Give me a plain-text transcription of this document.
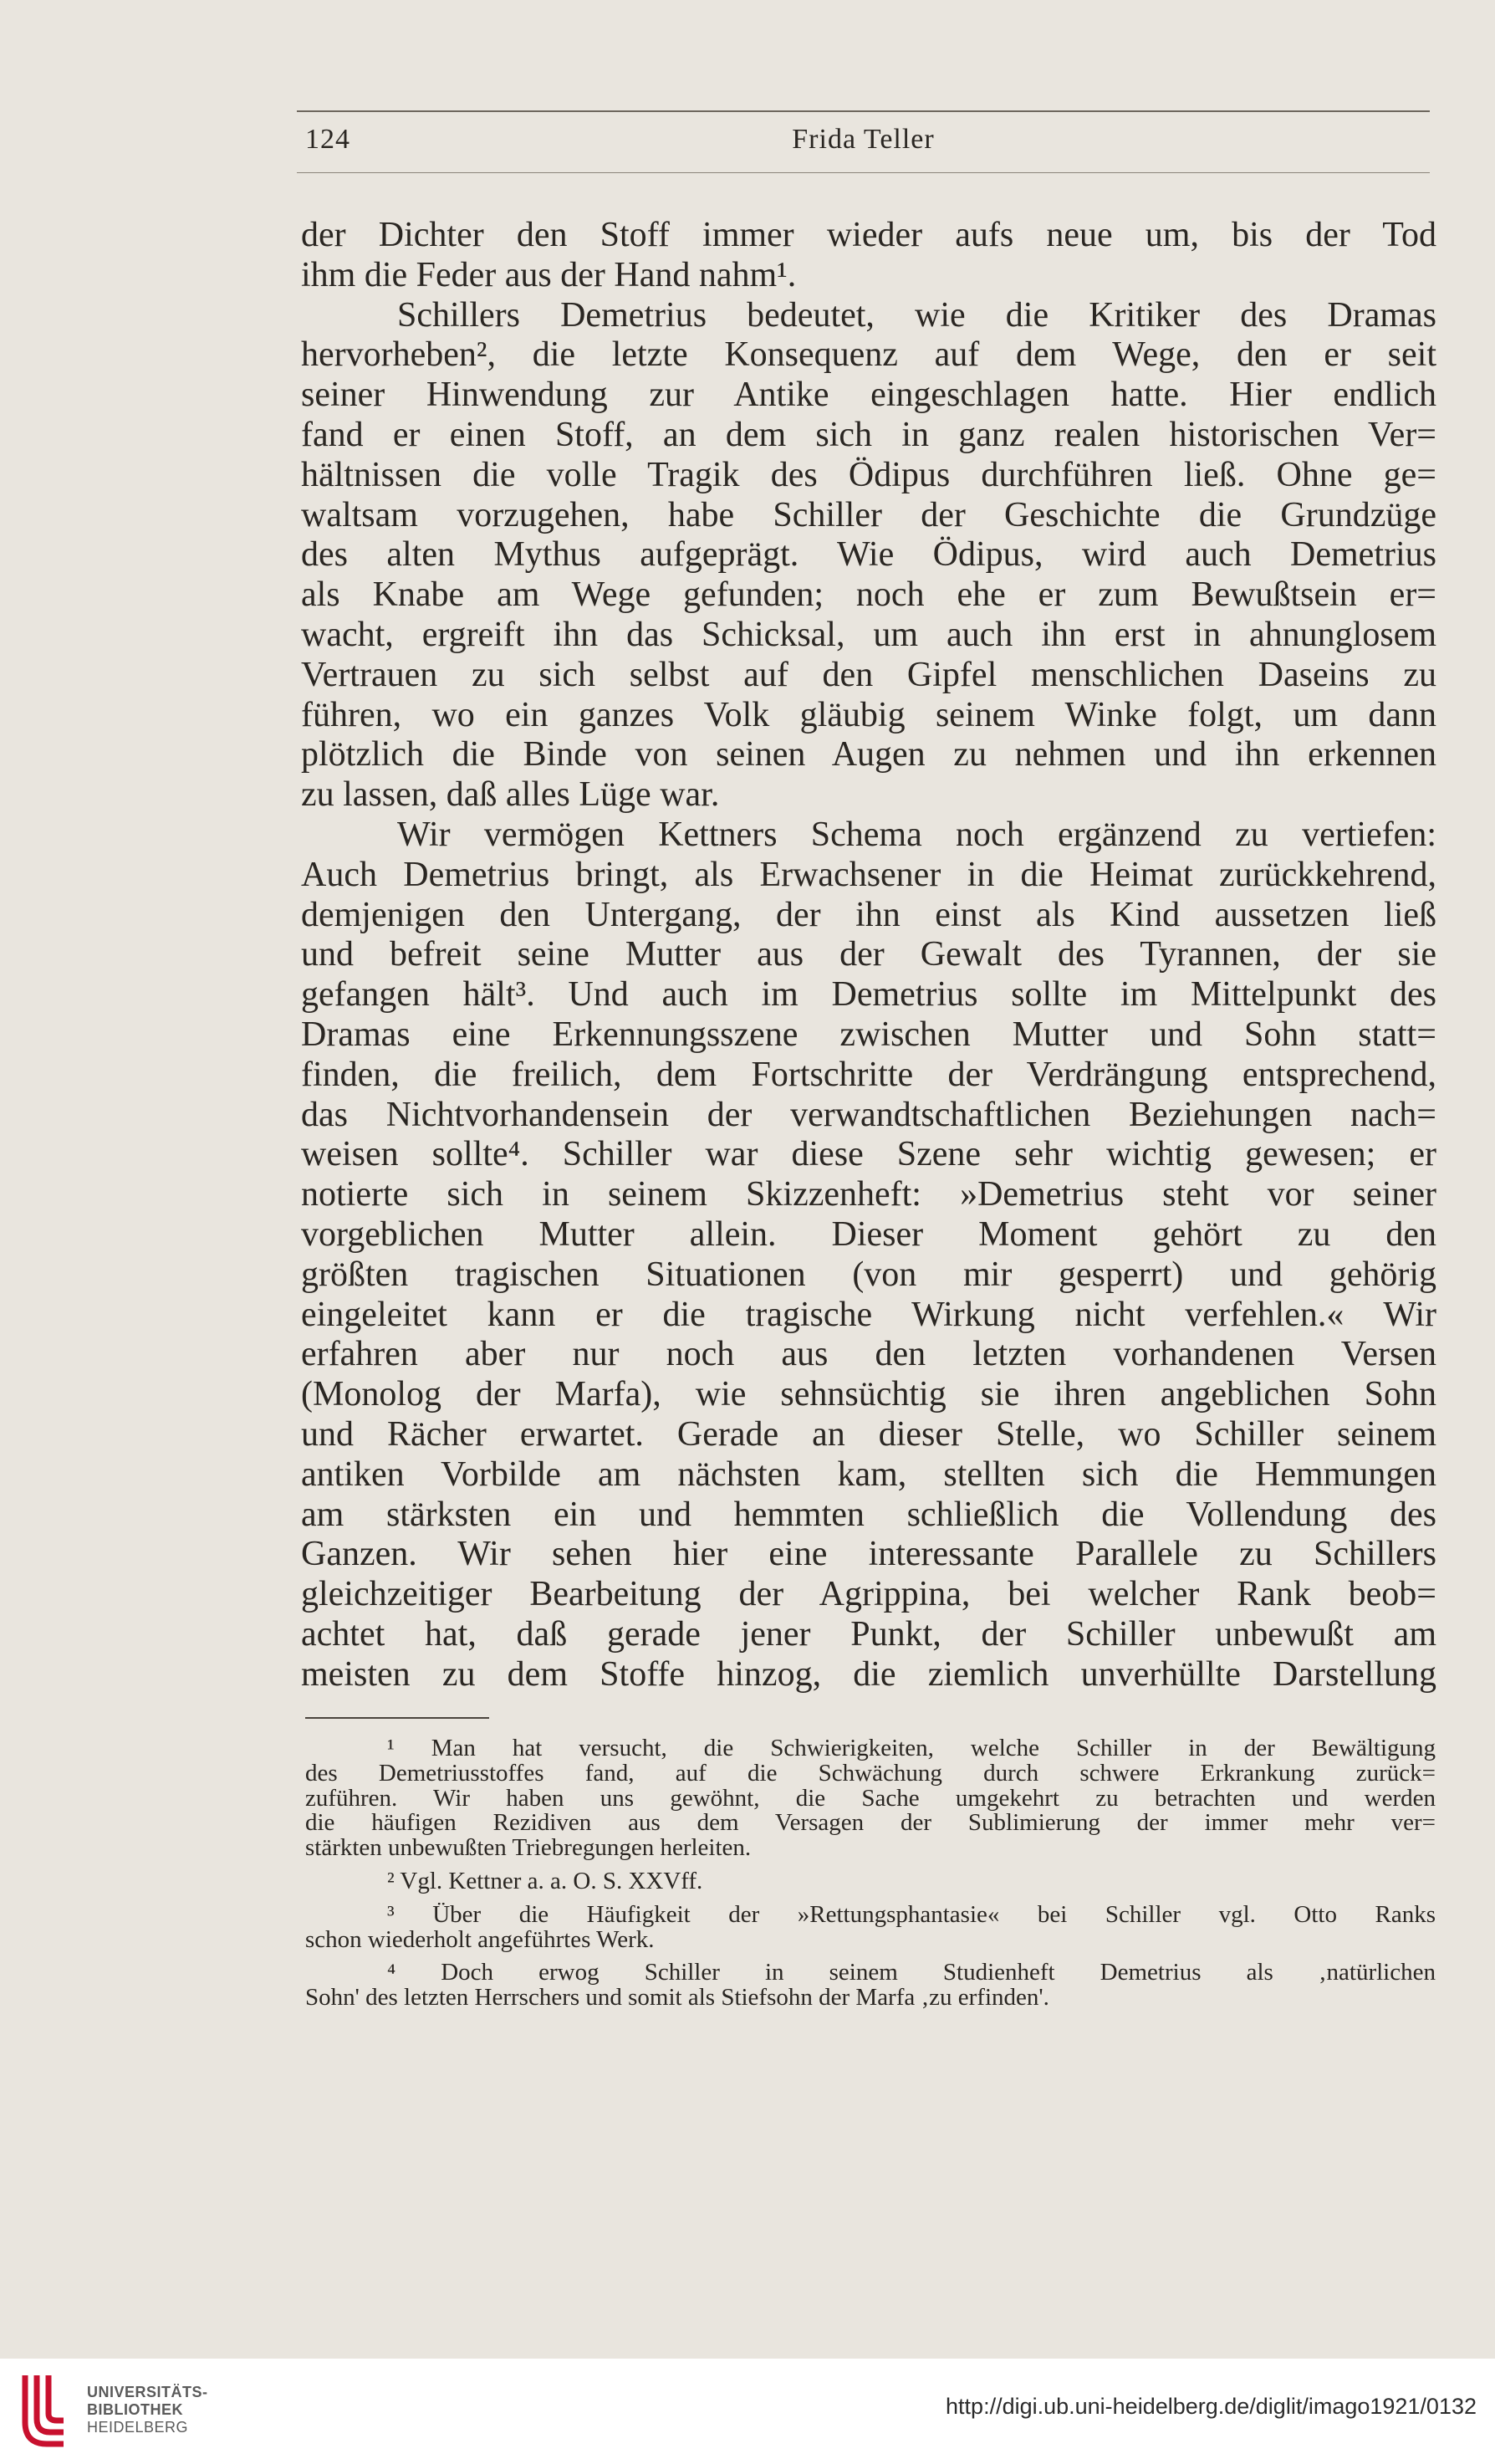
124	Frida Teller
der Dichter den Stoff immer wieder aufs neue um, bis der Tod
ihm die Feder aus der Hand nahm¹.
Schillers Demetrius bedeutet, wie die Kritiker des Dramas
hervorheben², die letzte Konsequenz auf dem Wege, den er seit
seiner Hinwendung zur Antike eingeschlagen hatte. Hier endlich
fand er einen Stoff, an dem sich in ganz realen historischen Ver=
hältnissen die volle Tragik des Ödipus durchführen ließ. Ohne ge=
waltsam vorzugehen, habe Schiller der Geschichte die Grundzüge
des alten Mythus aufgeprägt. Wie Ödipus, wird auch Demetrius
als Knabe am Wege gefunden; noch ehe er zum Bewußtsein er=
wacht, ergreift ihn das Schicksal, um auch ihn erst in ahnunglosem
Vertrauen zu sich selbst auf den Gipfel menschlichen Daseins zu
führen, wo ein ganzes Volk gläubig seinem Winke folgt, um dann
plötzlich die Binde von seinen Augen zu nehmen und ihn erkennen
zu lassen, daß alles Lüge war.
Wir vermögen Kettners Schema noch ergänzend zu vertiefen:
Auch Demetrius bringt, als Erwachsener in die Heimat zurückkehrend,
demjenigen den Untergang, der ihn einst als Kind aussetzen ließ
und befreit seine Mutter aus der Gewalt des Tyrannen, der sie
gefangen hält³. Und auch im Demetrius sollte im Mittelpunkt des
Dramas eine Erkennungsszene zwischen Mutter und Sohn statt=
finden, die freilich, dem Fortschritte der Verdrängung entsprechend,
das Nichtvorhandensein der verwandtschaftlichen Beziehungen nach=
weisen sollte⁴. Schiller war diese Szene sehr wichtig gewesen; er
notierte sich in seinem Skizzenheft: »Demetrius steht vor seiner
vorgeblichen Mutter allein. Dieser Moment gehört zu den
größten tragischen Situationen (von mir gesperrt) und gehörig
eingeleitet kann er die tragische Wirkung nicht verfehlen.« Wir
erfahren aber nur noch aus den letzten vorhandenen Versen
(Monolog der Marfa), wie sehnsüchtig sie ihren angeblichen Sohn
und Rächer erwartet. Gerade an dieser Stelle, wo Schiller seinem
antiken Vorbilde am nächsten kam, stellten sich die Hemmungen
am stärksten ein und hemmten schließlich die Vollendung des
Ganzen. Wir sehen hier eine interessante Parallele zu Schillers
gleichzeitiger Bearbeitung der Agrippina, bei welcher Rank beob=
achtet hat, daß gerade jener Punkt, der Schiller unbewußt am
meisten zu dem Stoffe hinzog, die ziemlich unverhüllte Darstellung
¹ Man hat versucht, die Schwierigkeiten, welche Schiller in der Bewältigung
des Demetriusstoffes fand, auf die Schwächung durch schwere Erkrankung zurück=
zuführen. Wir haben uns gewöhnt, die Sache umgekehrt zu betrachten und werden
die häufigen Rezidiven aus dem Versagen der Sublimierung der immer mehr ver=
stärkten unbewußten Triebregungen herleiten.
² Vgl. Kettner a. a. O. S. XXVff.
³ Über die Häufigkeit der »Rettungsphantasie« bei Schiller vgl. Otto Ranks
schon wiederholt angeführtes Werk.
⁴ Doch erwog Schiller in seinem Studienheft Demetrius als ‚natürlichen
Sohn' des letzten Herrschers und somit als Stiefsohn der Marfa ‚zu erfinden'.
UNIVERSITÄTS-
BIBLIOTHEK
HEIDELBERG
http://digi.ub.uni-heidelberg.de/diglit/imago1921/0132
